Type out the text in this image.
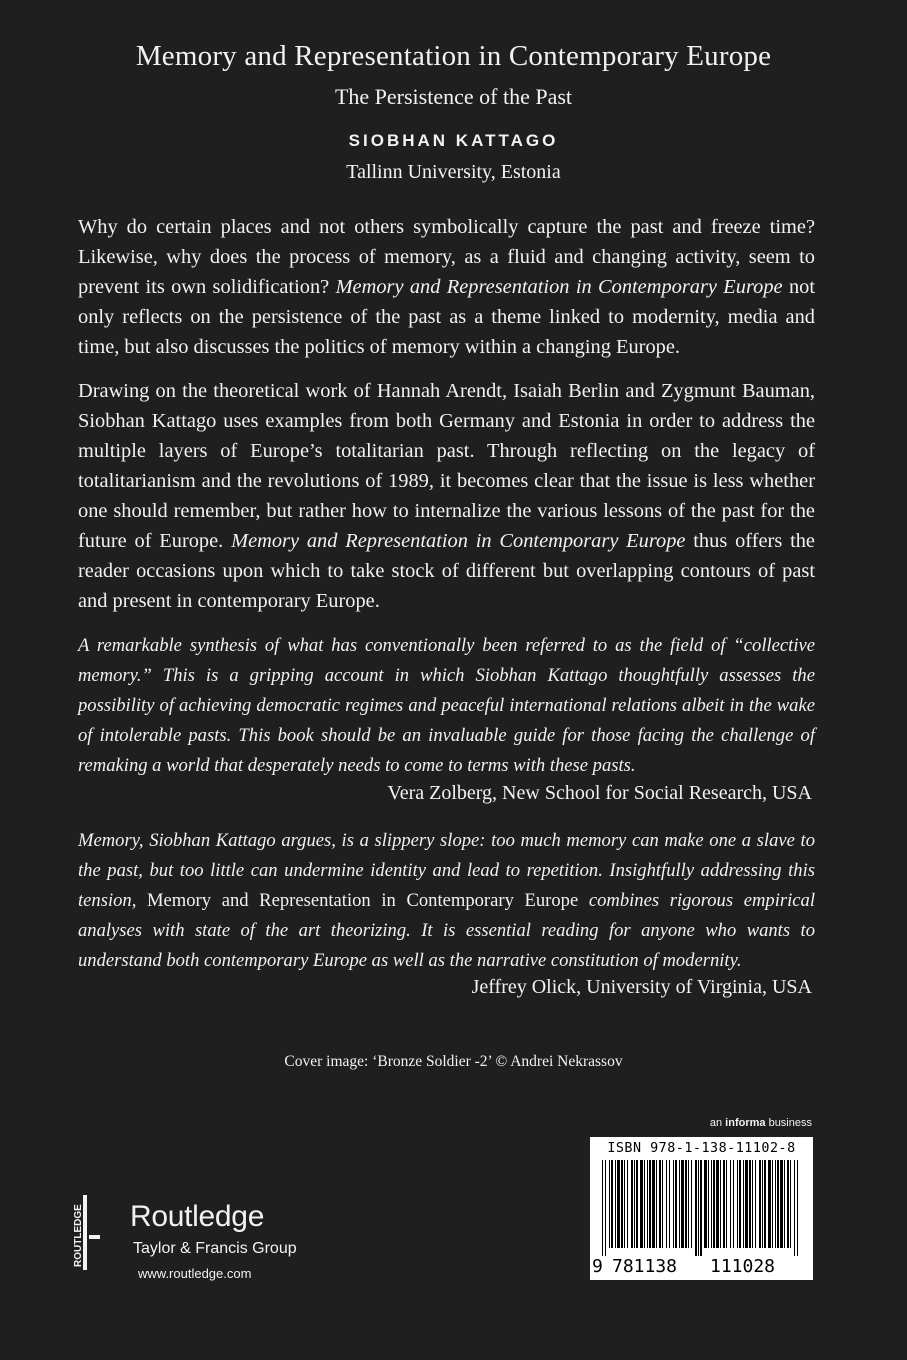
Memory and Representation in Contemporary Europe
The Persistence of the Past
SIOBHAN KATTAGO
Tallinn University, Estonia

Why do certain places and not others symbolically capture the past and freeze time? Likewise, why does the process of memory, as a fluid and changing activity, seem to prevent its own solidification? Memory and Representation in Contemporary Europe not only reflects on the persistence of the past as a theme linked to modernity, media and time, but also discusses the politics of memory within a changing Europe.

Drawing on the theoretical work of Hannah Arendt, Isaiah Berlin and Zygmunt Bauman, Siobhan Kattago uses examples from both Germany and Estonia in order to address the multiple layers of Europe’s totalitarian past. Through reflecting on the legacy of totalitarianism and the revolutions of 1989, it becomes clear that the issue is less whether one should remember, but rather how to internalize the various lessons of the past for the future of Europe. Memory and Representation in Contemporary Europe thus offers the reader occasions upon which to take stock of different but overlapping contours of past and present in contemporary Europe.

A remarkable synthesis of what has conventionally been referred to as the field of “collective memory.” This is a gripping account in which Siobhan Kattago thoughtfully assesses the possibility of achieving democratic regimes and peaceful international relations albeit in the wake of intolerable pasts. This book should be an invaluable guide for those facing the challenge of remaking a world that desperately needs to come to terms with these pasts.

Vera Zolberg, New School for Social Research, USA

Memory, Siobhan Kattago argues, is a slippery slope: too much memory can make one a slave to the past, but too little can undermine identity and lead to repetition. Insightfully addressing this tension, Memory and Representation in Contemporary Europe combines rigorous empirical analyses with state of the art theorizing. It is essential reading for anyone who wants to understand both contemporary Europe as well as the narrative constitution of modernity.

Jeffrey Olick, University of Virginia, USA
Cover image: ‘Bronze Soldier -2’ © Andrei Nekrassov
an informa business
ROUTLEDGE Routledge
Taylor & Francis Group
www.routledge.com
ISBN 978-1-138-11102-8
9 781138 111028
